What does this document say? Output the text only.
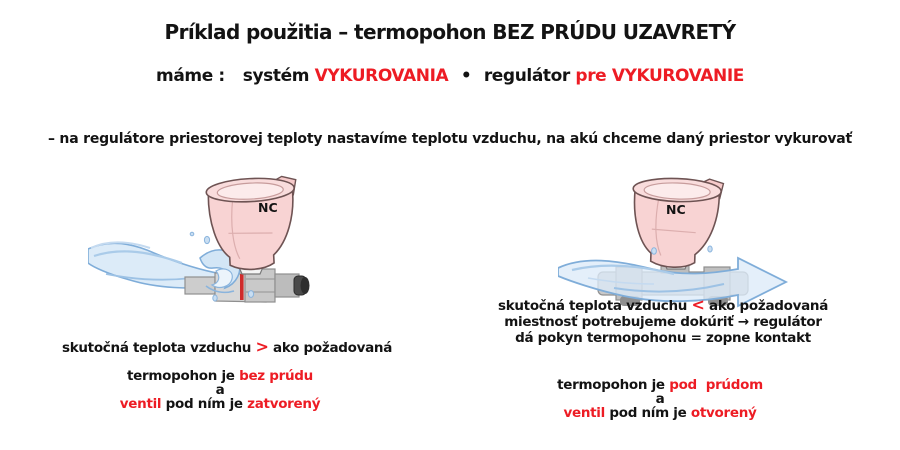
Príklad použitia – termopohon BEZ PRÚDU UZAVRETÝ
máme : systém VYKUROVANIA • regulátor pre VYKUROVANIE
– na regulátore priestorovej teploty nastavíme teplotu vzduchu, na akú chceme daný priestor vykurovať
NC	NC
skutočná teplota vzduchu > ako požadovaná
termopohon je bez prúdu
a
ventil pod ním je zatvorený
skutočná teplota vzduchu < ako požadovaná
miestnosť potrebujeme dokúriť → regulátor
dá pokyn termopohonu = zopne kontakt
termopohon je pod  prúdom
a
ventil pod ním je otvorený
